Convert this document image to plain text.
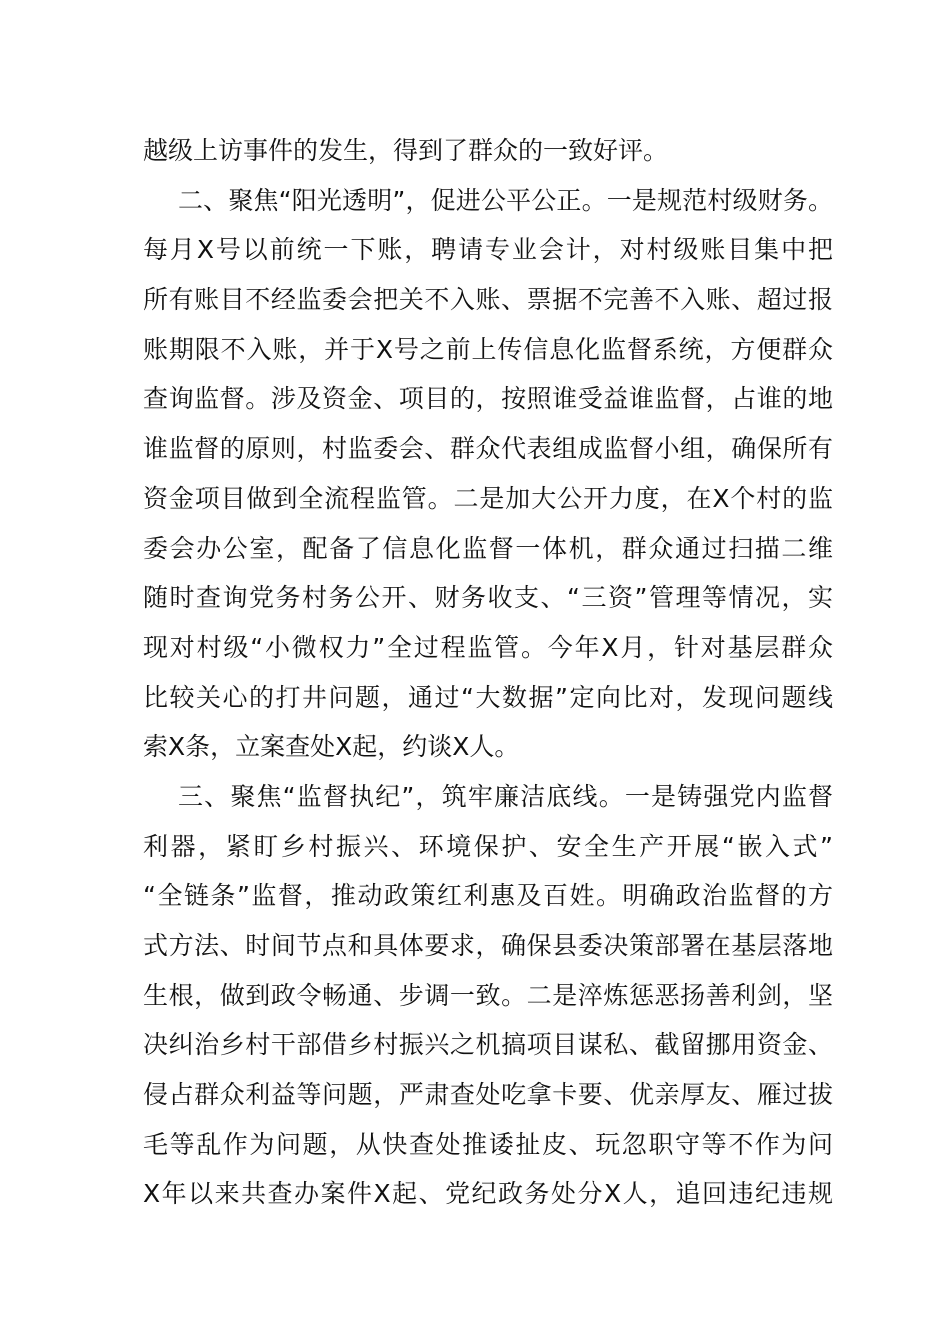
越级上访事件的发生，得到了群众的一致好评。
二、聚焦“阳光透明”，促进公平公正。一是规范村级财务。
每月X号以前统一下账，聘请专业会计，对村级账目集中把
所有账目不经监委会把关不入账、票据不完善不入账、超过报
账期限不入账，并于X号之前上传信息化监督系统，方便群众
查询监督。涉及资金、项目的，按照谁受益谁监督，占谁的地
谁监督的原则，村监委会、群众代表组成监督小组，确保所有
资金项目做到全流程监管。二是加大公开力度，在X个村的监
委会办公室，配备了信息化监督一体机，群众通过扫描二维
随时查询党务村务公开、财务收支、“三资”管理等情况，实
现对村级“小微权力”全过程监管。今年X月，针对基层群众
比较关心的打井问题，通过“大数据”定向比对，发现问题线
索X条，立案查处X起，约谈X人。
三、聚焦“监督执纪”，筑牢廉洁底线。一是铸强党内监督
利器，紧盯乡村振兴、环境保护、安全生产开展“嵌入式”
“全链条”监督，推动政策红利惠及百姓。明确政治监督的方
式方法、时间节点和具体要求，确保县委决策部署在基层落地
生根，做到政令畅通、步调一致。二是淬炼惩恶扬善利剑，坚
决纠治乡村干部借乡村振兴之机搞项目谋私、截留挪用资金、
侵占群众利益等问题，严肃查处吃拿卡要、优亲厚友、雁过拔
毛等乱作为问题，从快查处推诿扯皮、玩忽职守等不作为问
X年以来共查办案件X起、党纪政务处分X人，追回违纪违规
